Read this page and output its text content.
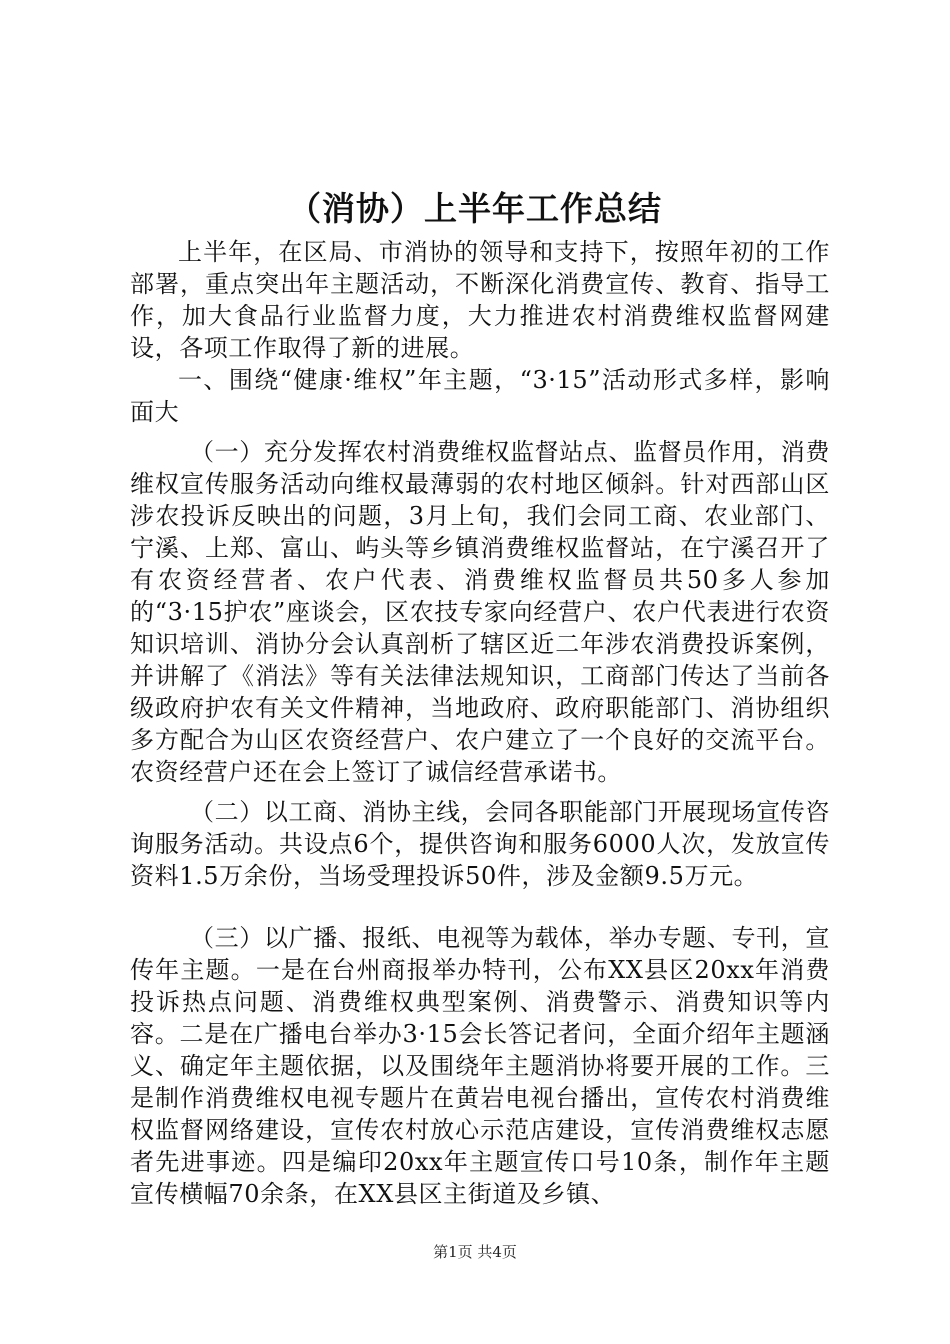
（消协）上半年工作总结

上半年，在区局、市消协的领导和支持下，按照年初的工作部署，重点突出年主题活动，不断深化消费宣传、教育、指导工作，加大食品行业监督力度，大力推进农村消费维权监督网建设，各项工作取得了新的进展。

一、围绕“健康·维权”年主题，“3·15”活动形式多样，影响面大

（一）充分发挥农村消费维权监督站点、监督员作用，消费维权宣传服务活动向维权最薄弱的农村地区倾斜。针对西部山区涉农投诉反映出的问题，3月上旬，我们会同工商、农业部门、宁溪、上郑、富山、屿头等乡镇消费维权监督站，在宁溪召开了有农资经营者、农户代表、消费维权监督员共50多人参加的“3·15护农”座谈会，区农技专家向经营户、农户代表进行农资知识培训、消协分会认真剖析了辖区近二年涉农消费投诉案例，并讲解了《消法》等有关法律法规知识，工商部门传达了当前各级政府护农有关文件精神，当地政府、政府职能部门、消协组织多方配合为山区农资经营户、农户建立了一个良好的交流平台。农资经营户还在会上签订了诚信经营承诺书。

（二）以工商、消协主线，会同各职能部门开展现场宣传咨询服务活动。共设点6个，提供咨询和服务6000人次，发放宣传资料1.5万余份，当场受理投诉50件，涉及金额9.5万元。

（三）以广播、报纸、电视等为载体，举办专题、专刊，宣传年主题。一是在台州商报举办特刊，公布XX县区20xx年消费投诉热点问题、消费维权典型案例、消费警示、消费知识等内容。二是在广播电台举办3·15会长答记者问，全面介绍年主题涵义、确定年主题依据，以及围绕年主题消协将要开展的工作。三是制作消费维权电视专题片在黄岩电视台播出，宣传农村消费维权监督网络建设，宣传农村放心示范店建设，宣传消费维权志愿者先进事迹。四是编印20xx年主题宣传口号10条，制作年主题宣传横幅70余条，在XX县区主街道及乡镇、

第1页 共4页
